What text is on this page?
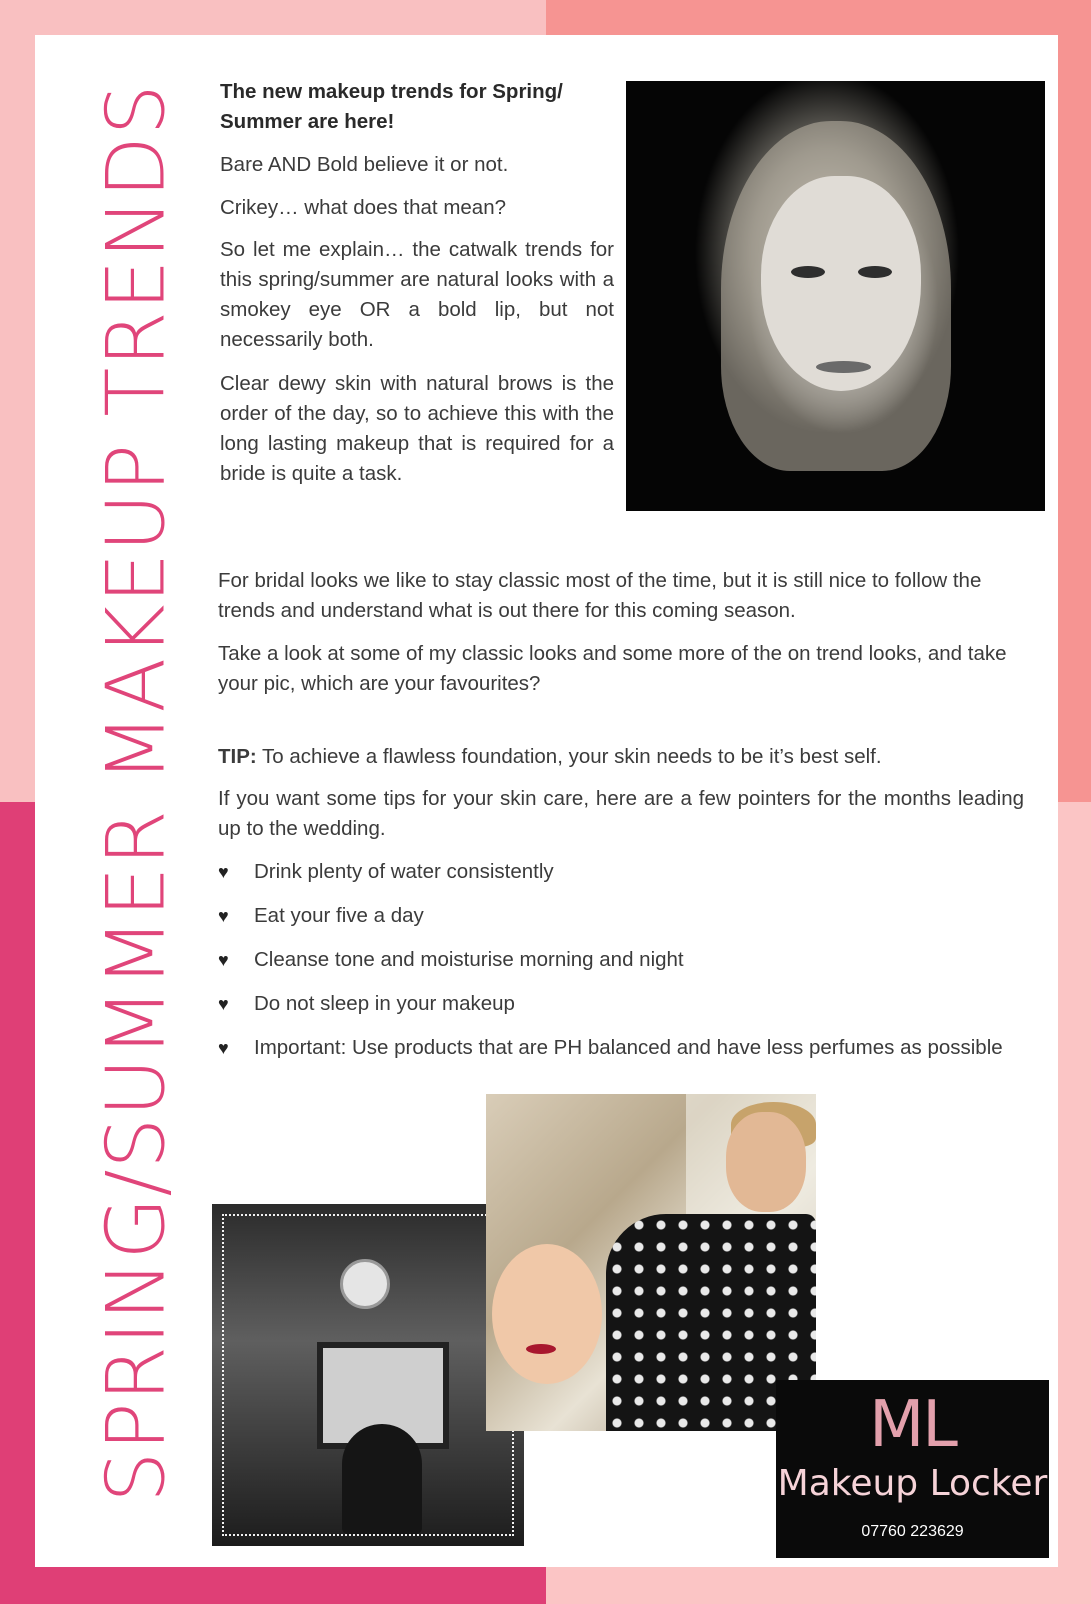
SPRING/SUMMER MAKEUP TRENDS The new makeup trends for Spring/ Summer are here!

Bare AND Bold believe it or not.

Crikey… what does that mean?

So let me explain… the catwalk trends for this spring/summer are natural looks with a smokey eye OR a bold lip, but not necessarily both.

Clear dewy skin with natural brows is the order of the day, so to achieve this with the long lasting makeup that is required for a bride is quite a task.

For bridal looks we like to stay classic most of the time, but it is still nice to follow the trends and understand what is out there for this coming season.

Take a look at some of my classic looks and some more of the on trend looks, and take your pic, which are your favourites?

TIP: To achieve a flawless foundation, your skin needs to be it’s best self.

If you want some tips for your skin care, here are a few pointers for the months leading up to the wedding.

♥ Drink plenty of water consistently
♥ Eat your five a day
♥ Cleanse tone and moisturise morning and night
♥ Do not sleep in your makeup
♥ Important: Use products that are PH balanced and have less perfumes as possible
ML
Makeup Locker
07760 223629
